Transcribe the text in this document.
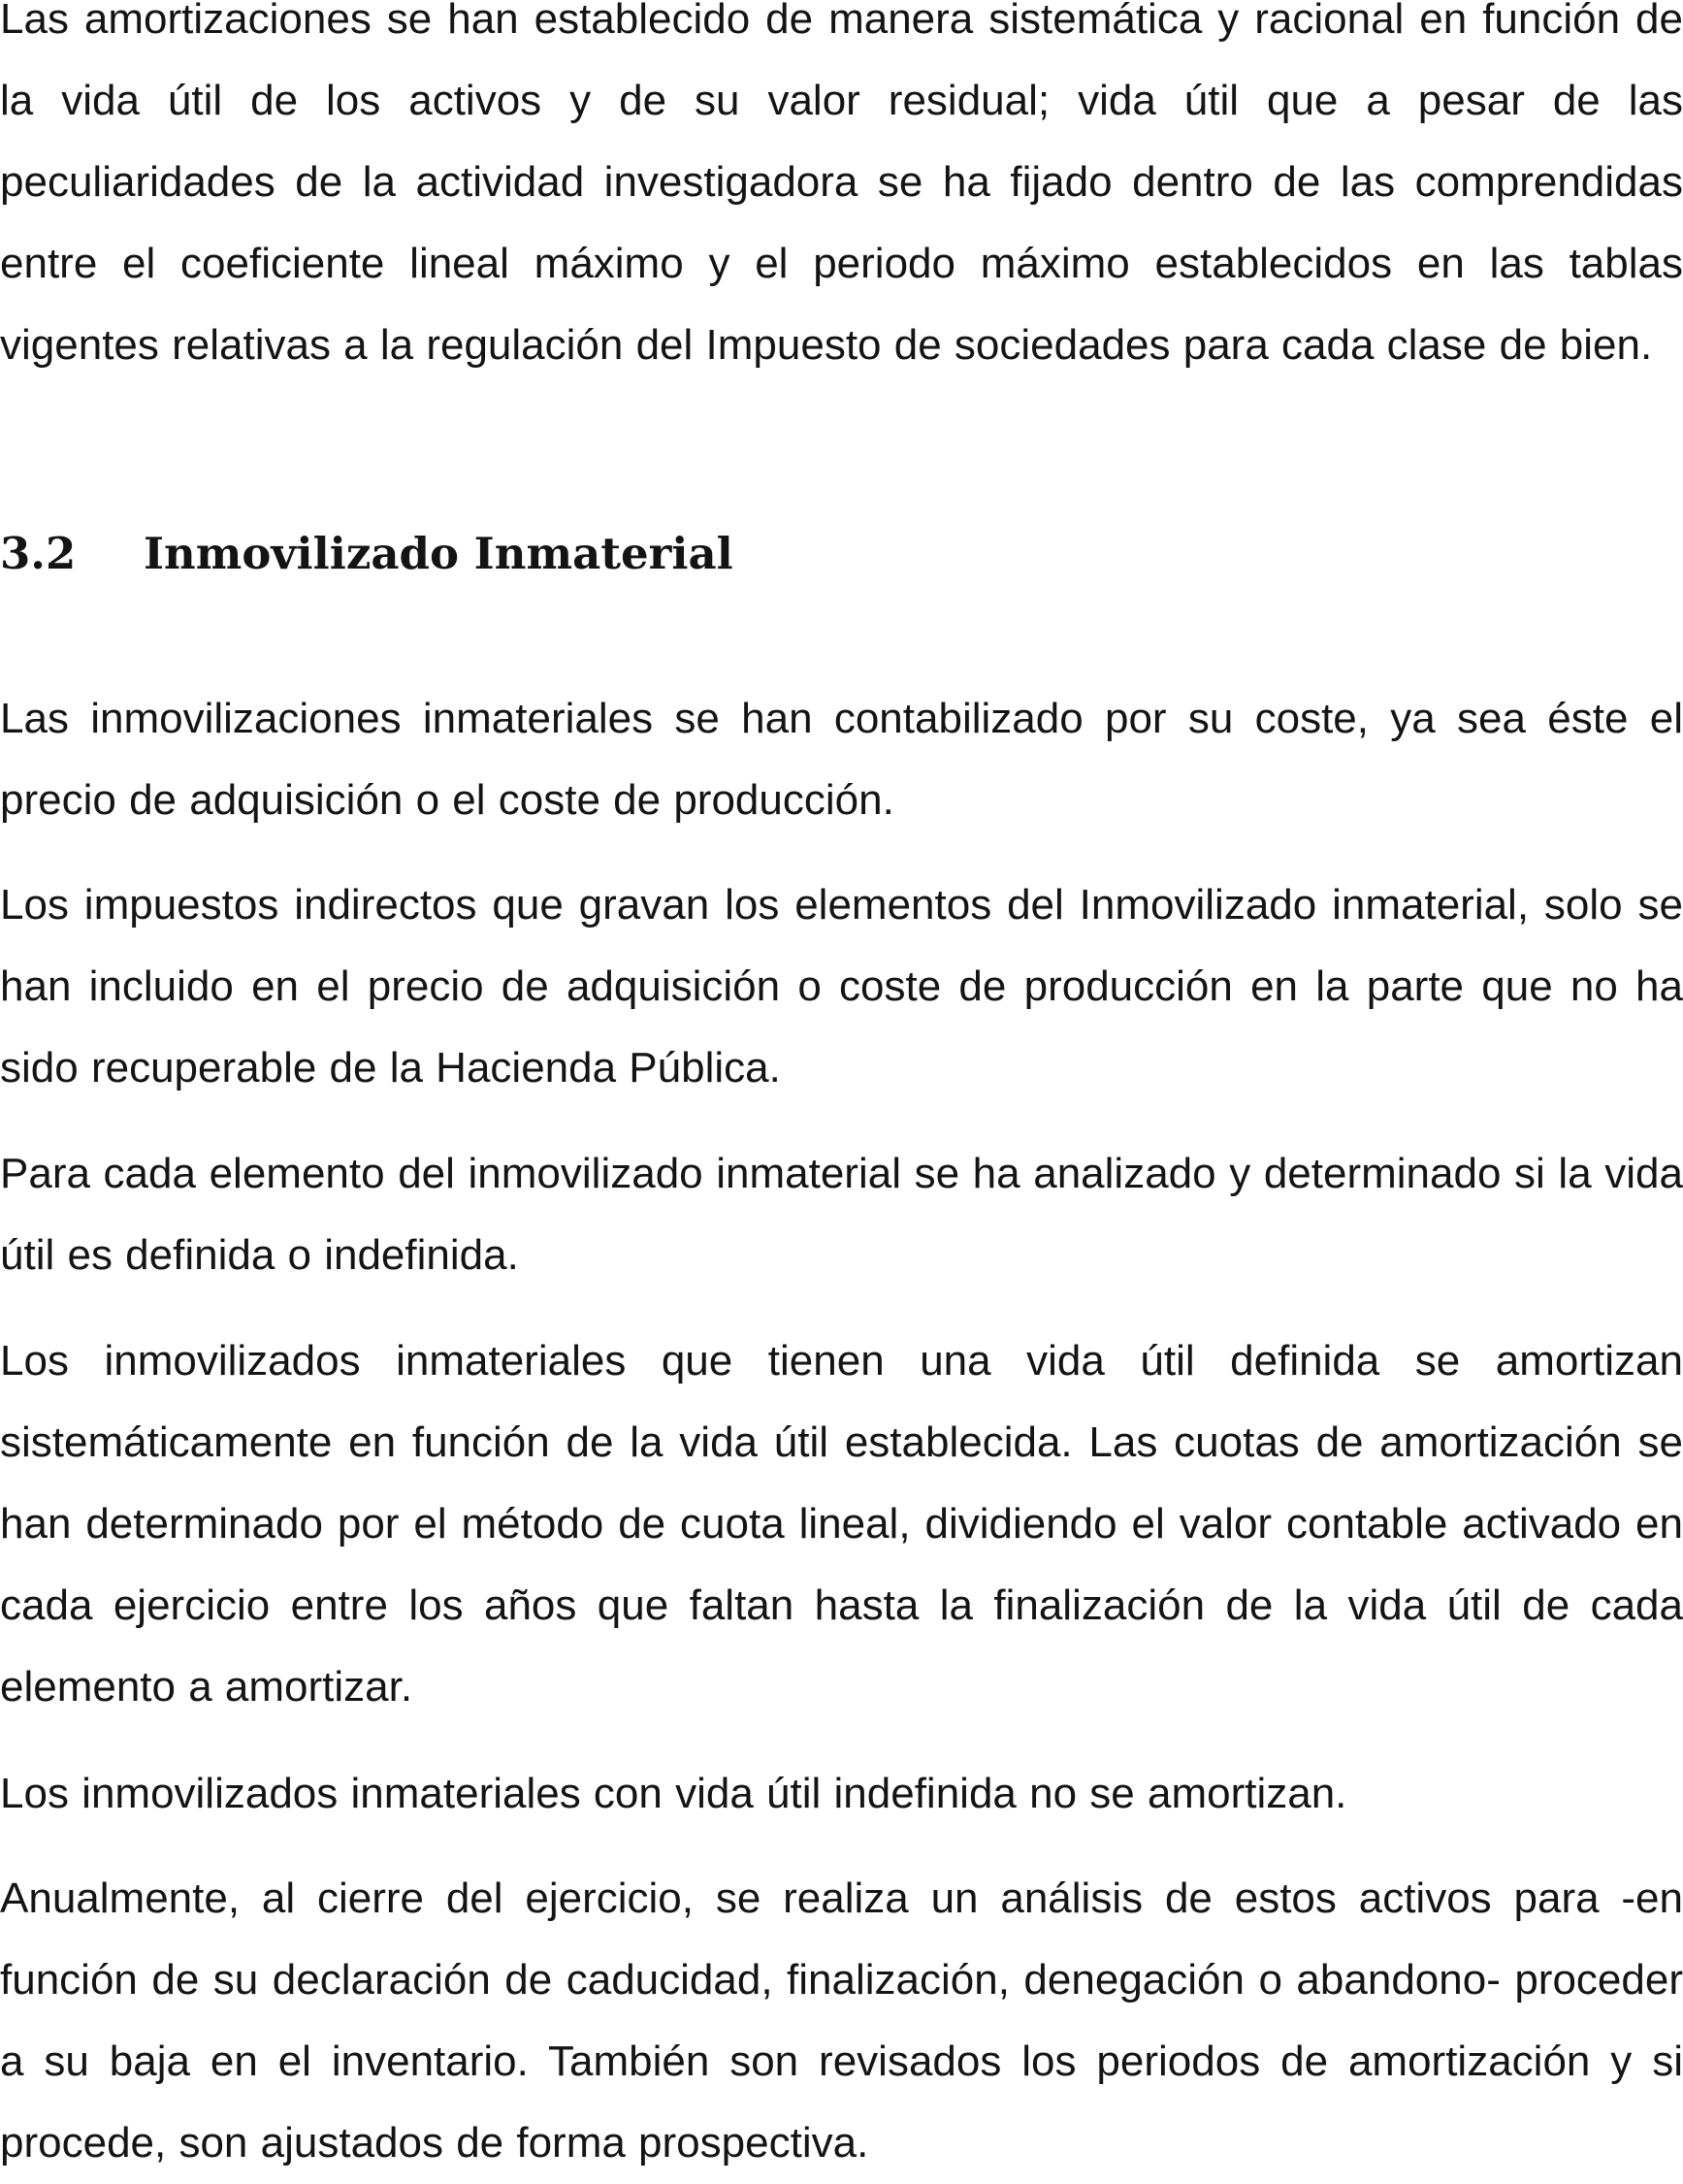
Las amortizaciones se han establecido de manera sistemática y racional en función de la vida útil de los activos y de su valor residual; vida útil que a pesar de las peculiaridades de la actividad investigadora se ha fijado dentro de las comprendidas entre el coeficiente lineal máximo y el periodo máximo establecidos en las tablas vigentes relativas a la regulación del Impuesto de sociedades para cada clase de bien.

3.2 Inmovilizado Inmaterial

Las inmovilizaciones inmateriales se han contabilizado por su coste, ya sea éste el precio de adquisición o el coste de producción.

Los impuestos indirectos que gravan los elementos del Inmovilizado inmaterial, solo se han incluido en el precio de adquisición o coste de producción en la parte que no ha sido recuperable de la Hacienda Pública.

Para cada elemento del inmovilizado inmaterial se ha analizado y determinado si la vida útil es definida o indefinida.

Los inmovilizados inmateriales que tienen una vida útil definida se amortizan sistemáticamente en función de la vida útil establecida. Las cuotas de amortización se han determinado por el método de cuota lineal, dividiendo el valor contable activado en cada ejercicio entre los años que faltan hasta la finalización de la vida útil de cada elemento a amortizar.

Los inmovilizados inmateriales con vida útil indefinida no se amortizan.

Anualmente, al cierre del ejercicio, se realiza un análisis de estos activos para -en función de su declaración de caducidad, finalización, denegación o abandono- proceder a su baja en el inventario. También son revisados los periodos de amortización y si procede, son ajustados de forma prospectiva.
